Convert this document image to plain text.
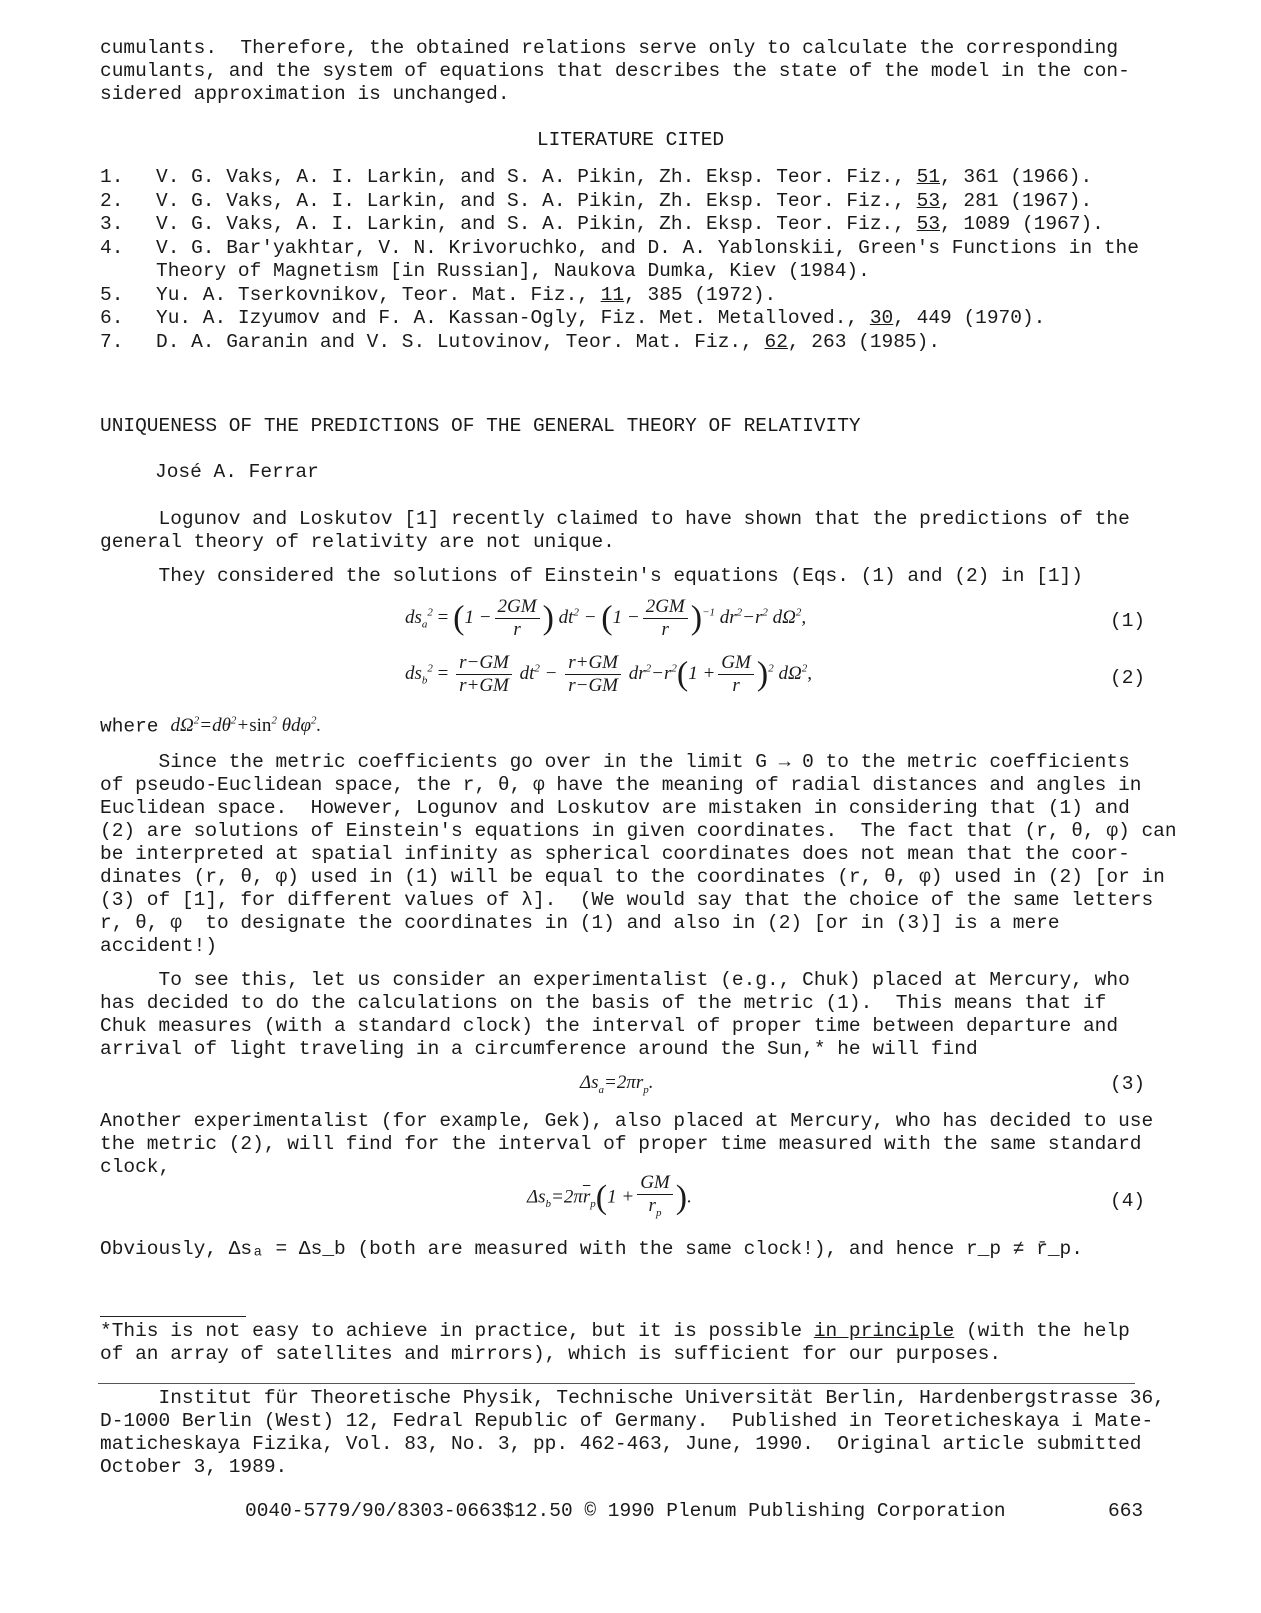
cumulants.  Therefore, the obtained relations serve only to calculate the corresponding
cumulants, and the system of equations that describes the state of the model in the con-
sidered approximation is unchanged.
LITERATURE CITED
1.	V. G. Vaks, A. I. Larkin, and S. A. Pikin, Zh. Eksp. Teor. Fiz., 51, 361 (1966).
2.	V. G. Vaks, A. I. Larkin, and S. A. Pikin, Zh. Eksp. Teor. Fiz., 53, 281 (1967).
3.	V. G. Vaks, A. I. Larkin, and S. A. Pikin, Zh. Eksp. Teor. Fiz., 53, 1089 (1967).
4.	V. G. Bar'yakhtar, V. N. Krivoruchko, and D. A. Yablonskii, Green's Functions in the
Theory of Magnetism [in Russian], Naukova Dumka, Kiev (1984).
5.	Yu. A. Tserkovnikov, Teor. Mat. Fiz., 11, 385 (1972).
6.	Yu. A. Izyumov and F. A. Kassan-Ogly, Fiz. Met. Metalloved., 30, 449 (1970).
7.	D. A. Garanin and V. S. Lutovinov, Teor. Mat. Fiz., 62, 263 (1985).
UNIQUENESS OF THE PREDICTIONS OF THE GENERAL THEORY OF RELATIVITY
José A. Ferrar
Logunov and Loskutov [1] recently claimed to have shown that the predictions of the
general theory of relativity are not unique.
They considered the solutions of Einstein's equations (Eqs. (1) and (2) in [1])
$ds_a^2 = (1 - \frac{2GM}{r}$ ) $dt^2 - (1 - \frac{2GM}{r} )^{-1}$ $dr^2-r^2$ $d\Omega^2$,	(1)
$ds_b^2 = \frac{r-GM}{r+GM} dt^2 - \frac{r+GM}{r-GM} dr^2-r^2(1 + \frac{GM}{r} )^2$ $d\Omega^2$,	(2)
where $d\Omega^2=d\theta^2+\sin^2$ θdφ$^2$.
Since the metric coefficients go over in the limit G → 0 to the metric coefficients
of pseudo-Euclidean space, the r, θ, φ have the meaning of radial distances and angles in
Euclidean space.  However, Logunov and Loskutov are mistaken in considering that (1) and
(2) are solutions of Einstein's equations in given coordinates.  The fact that (r, θ, φ) can
be interpreted at spatial infinity as spherical coordinates does not mean that the coor-
dinates (r, θ, φ) used in (1) will be equal to the coordinates (r, θ, φ) used in (2) [or in
(3) of [1], for different values of λ].  (We would say that the choice of the same letters
r, θ, φ  to designate the coordinates in (1) and also in (2) [or in (3)] is a mere
accident!)
To see this, let us consider an experimentalist (e.g., Chuk) placed at Mercury, who
has decided to do the calculations on the basis of the metric (1).  This means that if
Chuk measures (with a standard clock) the interval of proper time between departure and
arrival of light traveling in a circumference around the Sun,* he will find
$\Delta s_a=2\pi r_p$.	(3)
Another experimentalist (for example, Gek), also placed at Mercury, who has decided to use
the metric (2), will find for the interval of proper time measured with the same standard
clock,
$\Delta s_b=2\pi\overline{r}_p(1 + \frac{GM}{\overline{r}_p}$ ).	(4)
Obviously, Δsₐ = Δs_b (both are measured with the same clock!), and hence r_p ≠ r̄_p.
*This is not easy to achieve in practice, but it is possible in principle (with the help
of an array of satellites and mirrors), which is sufficient for our purposes.
Institut für Theoretische Physik, Technische Universität Berlin, Hardenbergstrasse 36,
D-1000 Berlin (West) 12, Fedral Republic of Germany.  Published in Teoreticheskaya i Mate-
maticheskaya Fizika, Vol. 83, No. 3, pp. 462-463, June, 1990.  Original article submitted
October 3, 1989.
0040-5779/90/8303-0663$12.50 © 1990 Plenum Publishing Corporation	663
